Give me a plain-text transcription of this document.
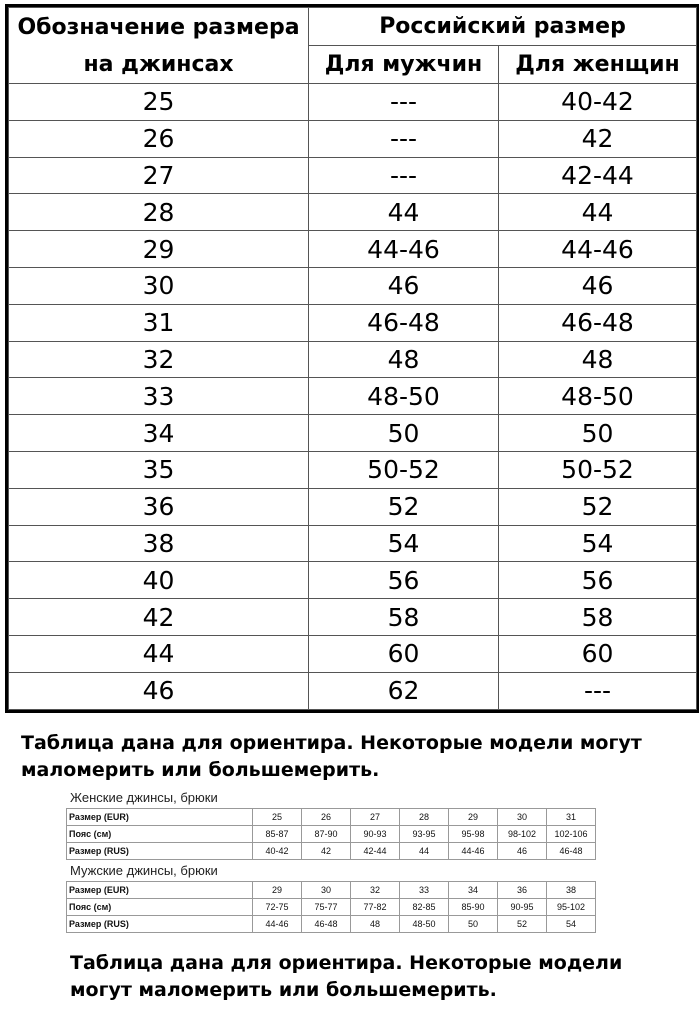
Обозначение размера на джинсах	Российский размер	
	Для мужчин	Для женщин
25	---	40-42
26	---	42
27	---	42-44
28	44	44
29	44-46	44-46
30	46	46
31	46-48	46-48
32	48	48
33	48-50	48-50
34	50	50
35	50-52	50-52
36	52	52
38	54	54
40	56	56
42	58	58
44	60	60
46	62	---
Таблица дана для ориентира. Некоторые модели могут маломерить или большемерить.
Женские джинсы, брюки
Размер (EUR)	25	26	27	28	29	30	31
Пояс (см)	85-87	87-90	90-93	93-95	95-98	98-102	102-106
Размер (RUS)	40-42	42	42-44	44	44-46	46	46-48
Мужские джинсы, брюки
Размер (EUR)	29	30	32	33	34	36	38
Пояс (см)	72-75	75-77	77-82	82-85	85-90	90-95	95-102
Размер (RUS)	44-46	46-48	48	48-50	50	52	54
Таблица дана для ориентира. Некоторые модели могут маломерить или большемерить.
